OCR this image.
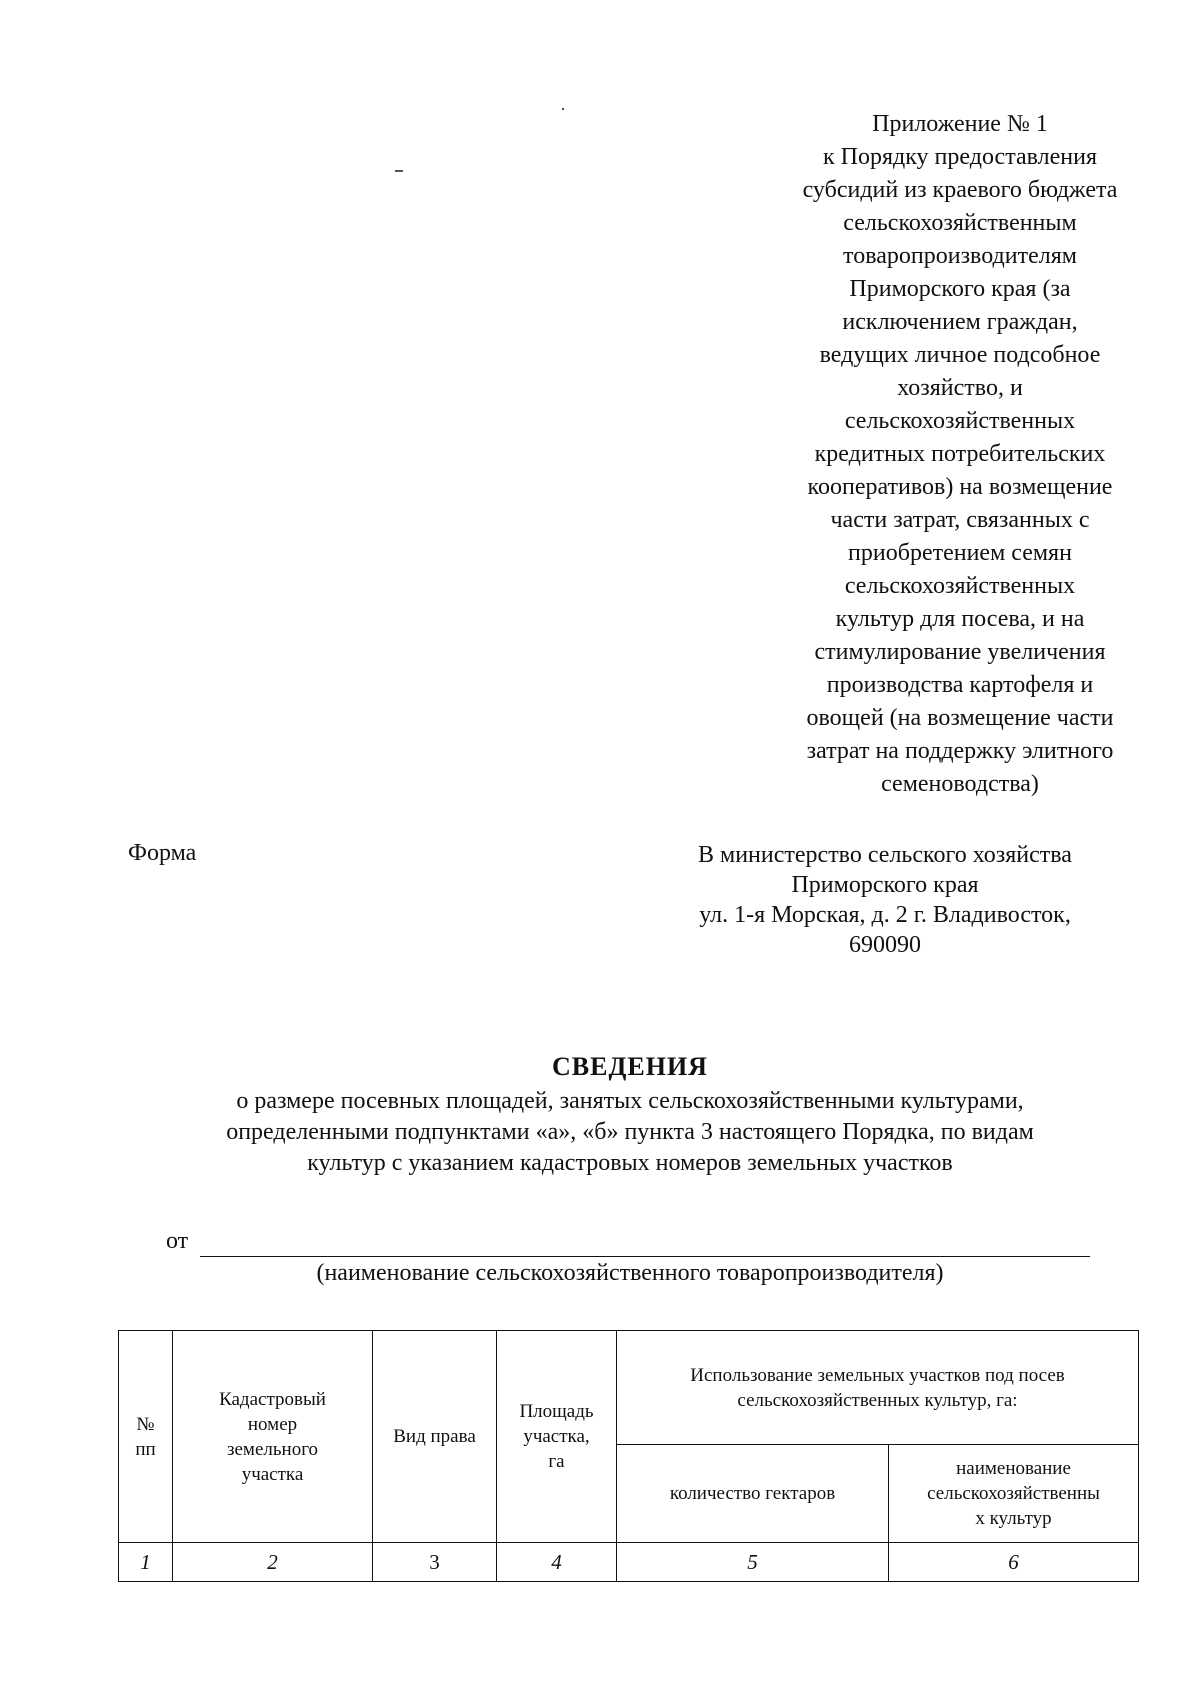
Приложение № 1
к Порядку предоставления
субсидий из краевого бюджета
сельскохозяйственным
товаропроизводителям
Приморского края (за
исключением граждан,
ведущих личное подсобное
хозяйство, и
сельскохозяйственных
кредитных потребительских
кооперативов) на возмещение
части затрат, связанных с
приобретением семян
сельскохозяйственных
культур для посева, и на
стимулирование увеличения
производства картофеля и
овощей (на возмещение части
затрат на поддержку элитного
семеноводства)
Форма	В министерство сельского хозяйства
Приморского края
ул. 1-я Морская, д. 2 г. Владивосток,
690090
СВЕДЕНИЯ
о размере посевных площадей, занятых сельскохозяйственными культурами,
определенными подпунктами «а», «б» пункта 3 настоящего Порядка, по видам
культур с указанием кадастровых номеров земельных участков
от
(наименование сельскохозяйственного товаропроизводителя)
№
пп	Кадастровый
номер
земельного
участка	Вид права	Площадь
участка,
га	Использование земельных участков под посев
сельскохозяйственных культур, га:	
				количество гектаров	наименование
сельскохозяйственны
х культур
1	2	3	4	5	6
